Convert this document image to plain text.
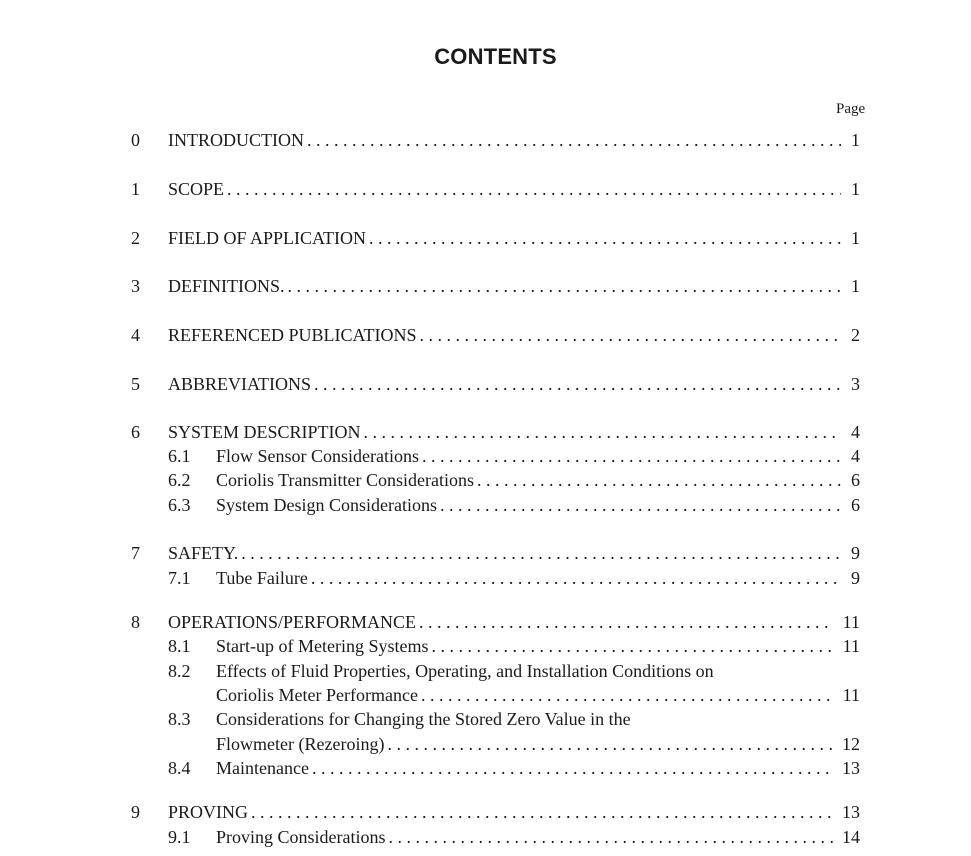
CONTENTS
Page
0 INTRODUCTION . . .	1
1 SCOPE . . .	1
2 FIELD OF APPLICATION . . .	1
3 DEFINITIONS. . . .	1
4 REFERENCED PUBLICATIONS . . .	2
5 ABBREVIATIONS . . .	3
6 SYSTEM DESCRIPTION . . .	4
6.1 Flow Sensor Considerations . . .	4
6.2 Coriolis Transmitter Considerations . . .	6
6.3 System Design Considerations . . .	6
7 SAFETY. . . .	9
7.1 Tube Failure . . .	9
8 OPERATIONS/PERFORMANCE . . .	11
8.1 Start-up of Metering Systems . . .	11
8.2 Effects of Fluid Properties, Operating, and Installation Conditions on
Coriolis Meter Performance . . .	11
8.3 Considerations for Changing the Stored Zero Value in the
Flowmeter (Rezeroing) . . .	12
8.4 Maintenance . . .	13
9 PROVING . . .	13
9.1 Proving Considerations . . .	14
